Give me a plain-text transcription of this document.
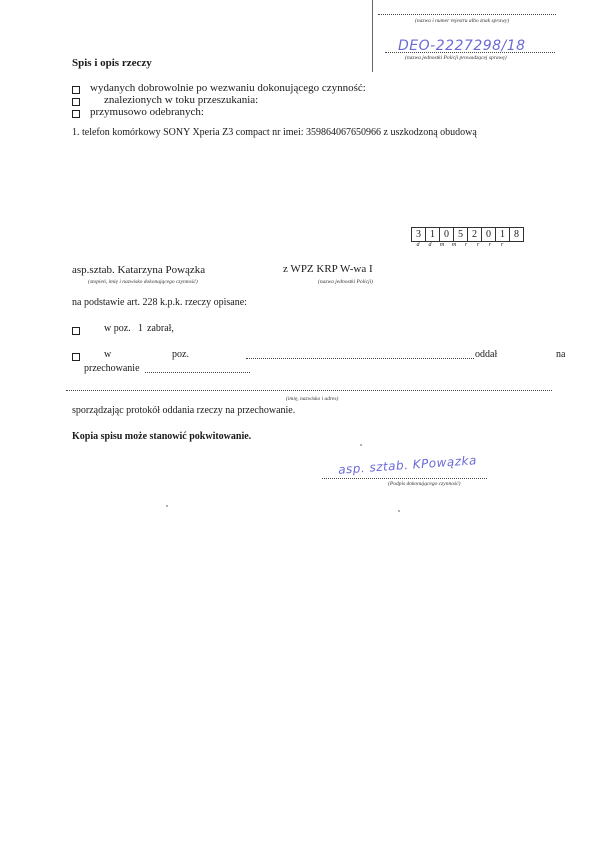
(nazwa i numer rejestru albo znak sprawy)
DEO-2227298/18
(nazwa jednostki Policji prowadzącej sprawę)
Spis i opis rzeczy
wydanych dobrowolnie po wezwaniu dokonującego czynność:
znalezionych w toku przeszukania:
przymusowo odebranych:
1. telefon komórkowy SONY Xperia Z3 compact nr imei: 359864067650966 z uszkodzoną obudową
3 1 0 5 2 0 1 8
d	d	m	m	r	r	r	r
asp.sztab. Katarzyna Powązka
(stopień, imię i nazwisko dokonującego czynność)
z WPZ KRP W-wa I
(nazwa jednostki Policji)
na podstawie art. 228 k.p.k. rzeczy opisane:
w poz. 1 zabrał,
w	poz.	oddał	na
przechowanie
(imię, nazwisko i adres)
sporządzając protokół oddania rzeczy na przechowanie.
Kopia spisu może stanowić pokwitowanie.
asp. sztab. KPowązka
(Podpis dokonującego czynność)
